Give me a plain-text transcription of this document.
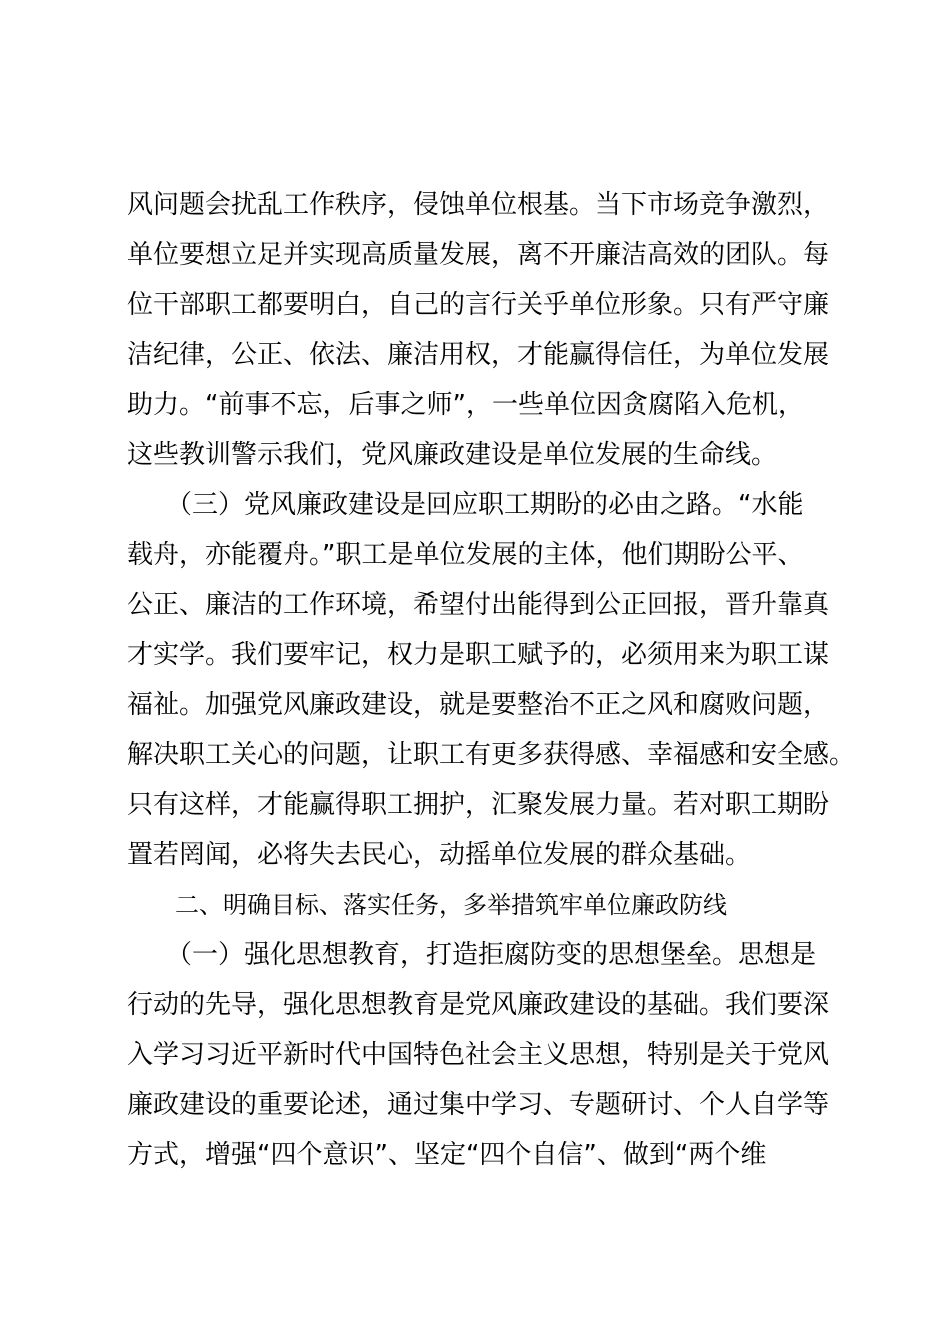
风问题会扰乱工作秩序，侵蚀单位根基。当下市场竞争激烈，
单位要想立足并实现高质量发展，离不开廉洁高效的团队。每
位干部职工都要明白，自己的言行关乎单位形象。只有严守廉
洁纪律，公正、依法、廉洁用权，才能赢得信任，为单位发展
助力。“前事不忘，后事之师”，一些单位因贪腐陷入危机，
这些教训警示我们，党风廉政建设是单位发展的生命线。
　　（三）党风廉政建设是回应职工期盼的必由之路。“水能
载舟，亦能覆舟。”职工是单位发展的主体，他们期盼公平、
公正、廉洁的工作环境，希望付出能得到公正回报，晋升靠真
才实学。我们要牢记，权力是职工赋予的，必须用来为职工谋
福祉。加强党风廉政建设，就是要整治不正之风和腐败问题，
解决职工关心的问题，让职工有更多获得感、幸福感和安全感。
只有这样，才能赢得职工拥护，汇聚发展力量。若对职工期盼
置若罔闻，必将失去民心，动摇单位发展的群众基础。
　　二、明确目标、落实任务，多举措筑牢单位廉政防线
　　（一）强化思想教育，打造拒腐防变的思想堡垒。思想是
行动的先导，强化思想教育是党风廉政建设的基础。我们要深
入学习习近平新时代中国特色社会主义思想，特别是关于党风
廉政建设的重要论述，通过集中学习、专题研讨、个人自学等
方式，增强“四个意识”、坚定“四个自信”、做到“两个维
